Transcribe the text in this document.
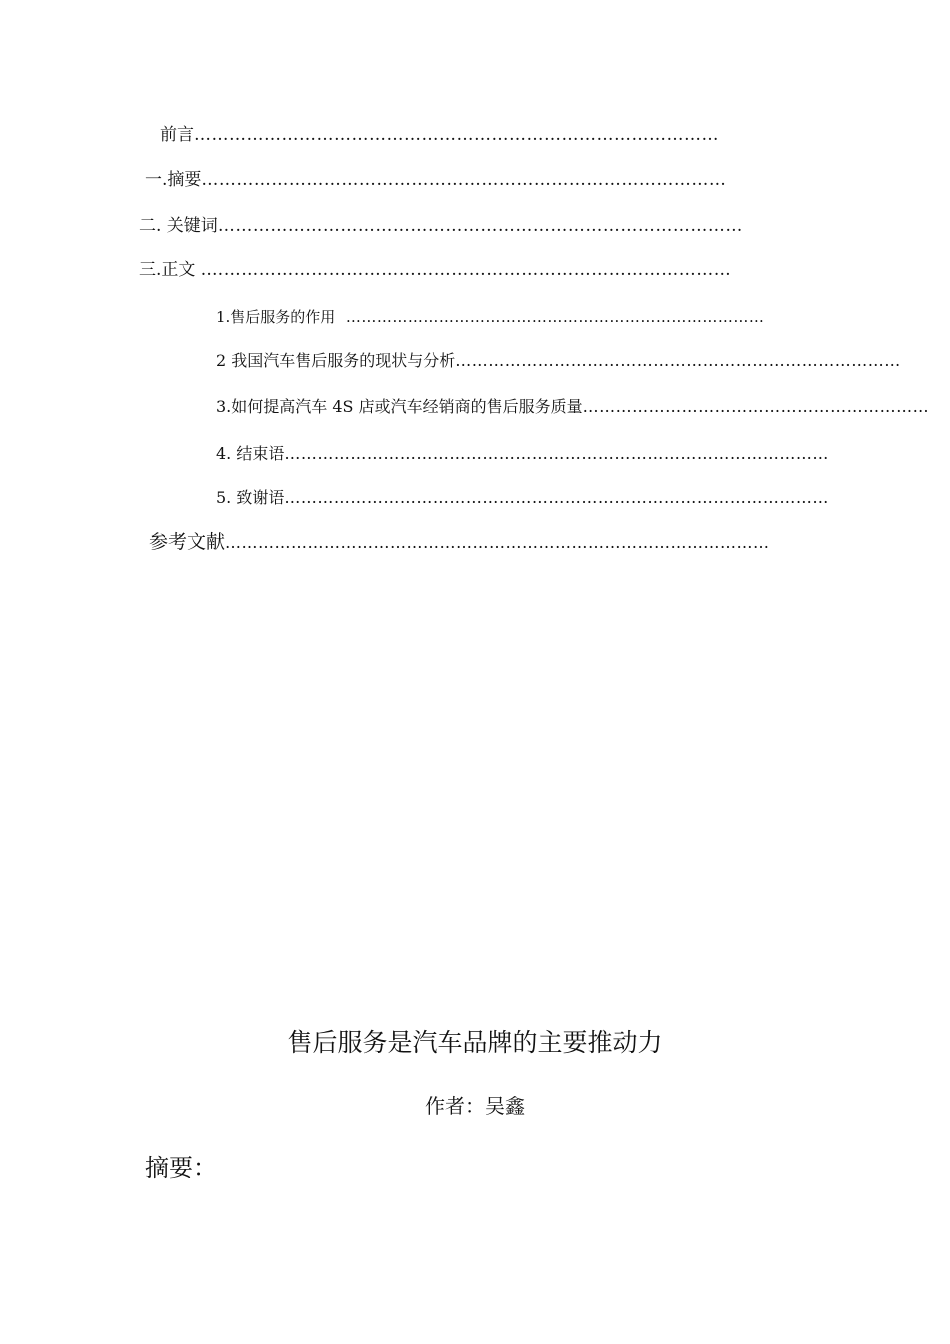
前言………………………………………………………………………………
一.摘要………………………………………………………………………………
二. 关键词………………………………………………………………………………
三.正文 .………………………………………………………………………………
1.售后服务的作用  ………………………………………………………………………
2 我国汽车售后服务的现状与分析………………………………………………………………………
3.如何提高汽车 4S 店或汽车经销商的售后服务质量………………………………………………………
4. 结束语………………………………………………………………………………………
5. 致谢语………………………………………………………………………………………
参考文献………………………………………………………………………………………
售后服务是汽车品牌的主要推动力
作者：吴鑫
摘要：
